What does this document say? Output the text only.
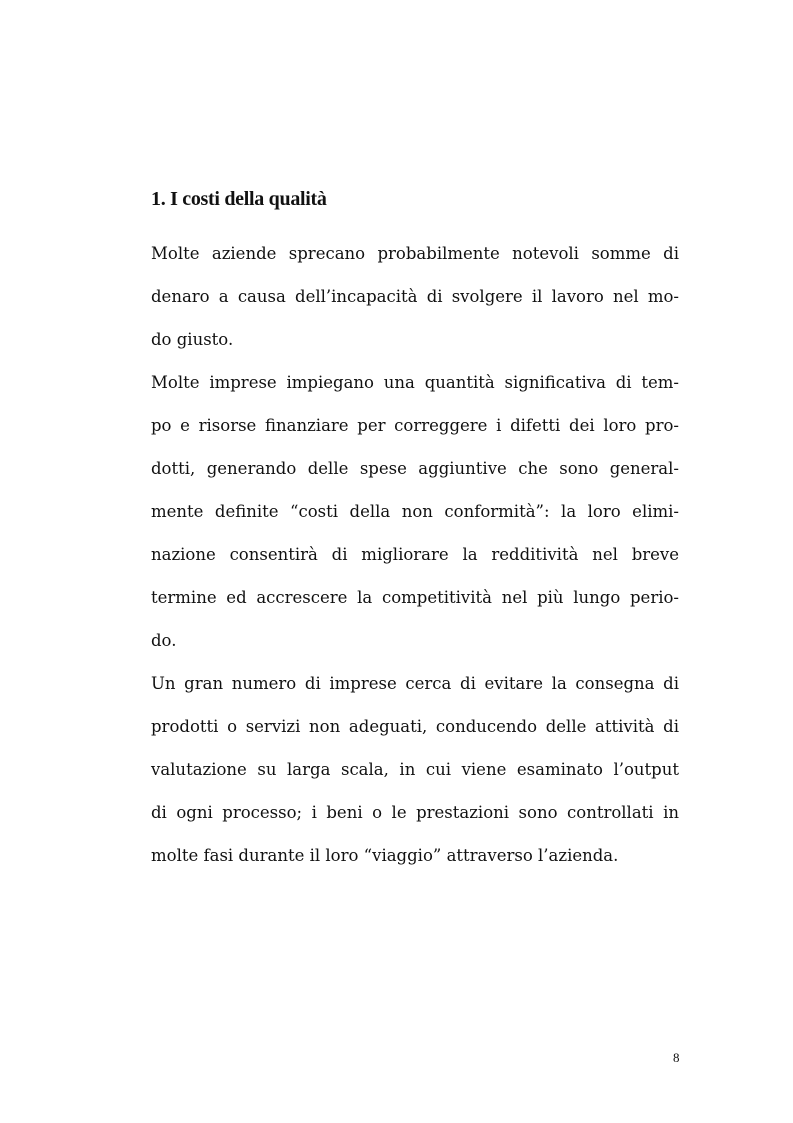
1. I costi della qualità

Molte aziende sprecano probabilmente notevoli somme di

denaro a causa dell’incapacità di svolgere il lavoro nel mo-

do giusto.

Molte imprese impiegano una quantità significativa di tem-

po e risorse finanziare per correggere i difetti dei loro pro-

dotti, generando delle spese aggiuntive che sono general-

mente definite “costi della non conformità”: la loro elimi-

nazione consentirà di migliorare la redditività nel breve

termine ed accrescere la competitività nel più lungo perio-

do.

Un gran numero di imprese cerca di evitare la consegna di

prodotti o servizi non adeguati, conducendo delle attività di

valutazione su larga scala, in cui viene esaminato l’output

di ogni processo; i beni o le prestazioni sono controllati in

molte fasi durante il loro “viaggio” attraverso l’azienda.

8
